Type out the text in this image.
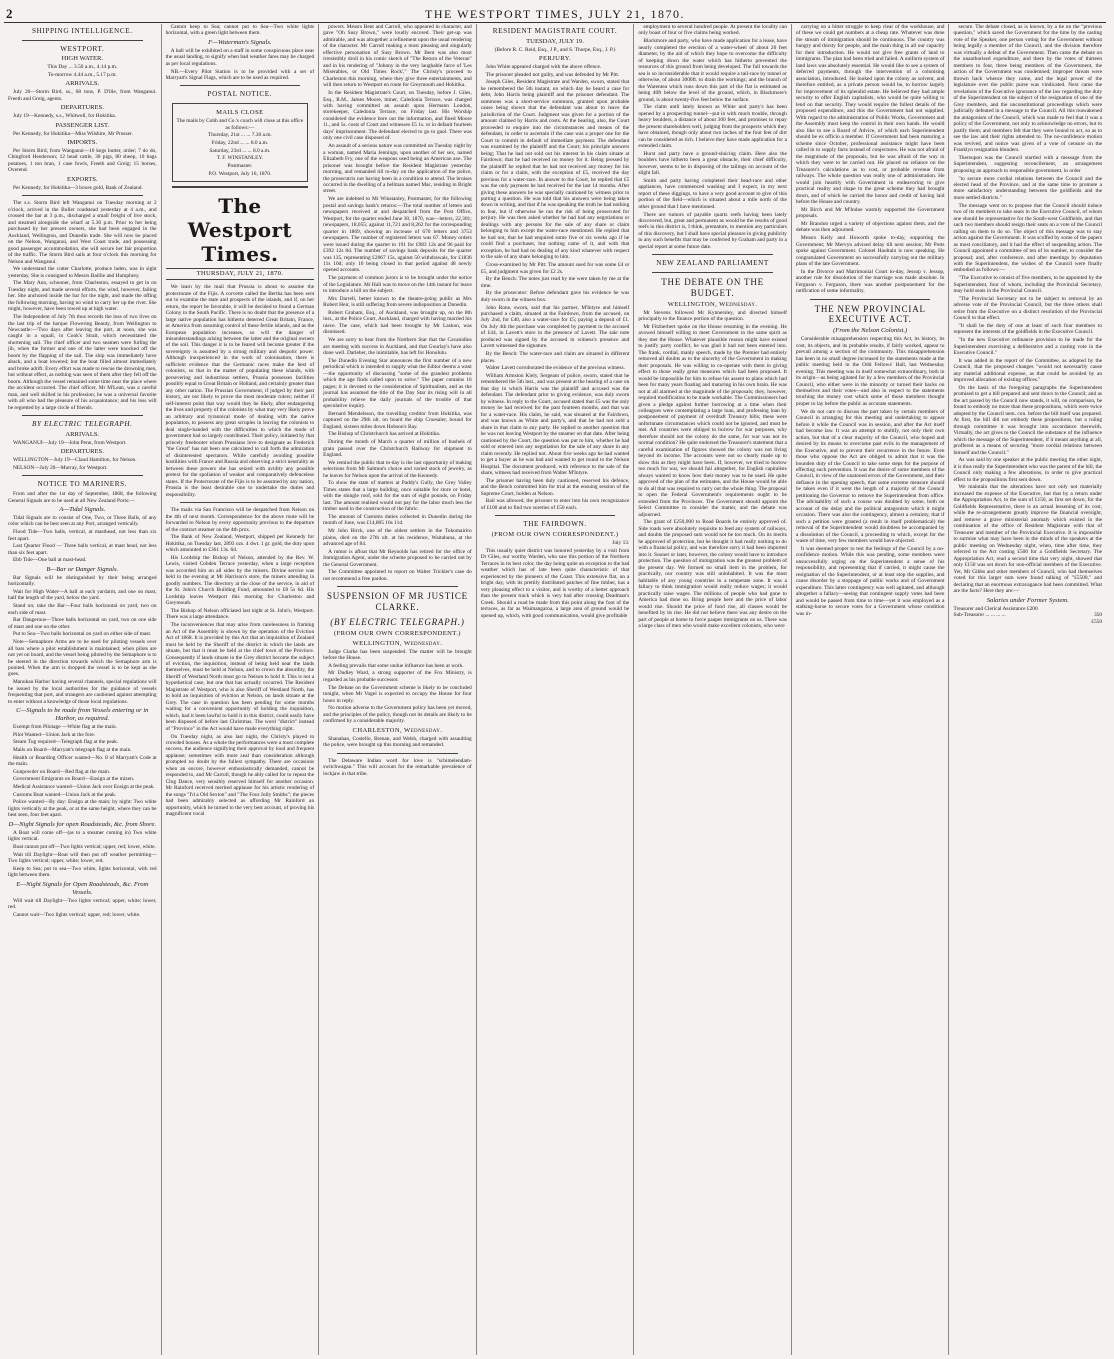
2	THE WESTPORT TIMES, JULY 21, 1870.
SHIPPING INTELLIGENCE.
WESTPORT.
HIGH WATER.

This Day ... 3.50 a.m., 4.14 p.m.

To-morrow 4.44 a.m., 5.17 p.m.

ARRIVALS.

July 20—Storm Bird, ss., 68 tons, P. D'ille, from Wanganui. Freeth and Greig, agents.

DEPARTURES.

July 19—Kennedy, s.s., Whitwell, for Hokitika.

PASSENGER LIST.

Per Kennedy, for Hokitika—Miss Wilshire, Mr Prosser.

IMPORTS.

Per Storm Bird, from Wanganui—10 kegs butter, order; 7 do do, Chingford Henderson; 12 head cattle, 30 pigs, 80 sheep, 10 bags potatoes, 1 ton bran, 1 case fowls, Freeth and Greig; 15 horses, Overend.

EXPORTS.

Per Kennedy, for Hokitika—3 boxes gold, Bank of Zealand.

The s.s. Storm Bird left Wanganui on Tuesday morning at 2 o'clock, arrived in the Buller roadstead yesterday at 4 a.m., and crossed the bar at 3 p.m., discharged a small freight of live stock, and steamed alongside the wharf at 5.30 p.m. Prior to her being purchased by her present owners, she had been engaged in the Auckland, Wellington, and Dunedin trade. She will now be placed on the Nelson, Wanganui, and West Coast trade, and possessing good passenger accommodation, she will secure her fair proportion of the traffic. The Storm Bird sails at four o'clock this morning for Nelson and Wanganui.

We understand the cutter Charlotte, produce laden, was in sight yesterday. She is consigned to Messrs Baillie and Humphrey.

The Mary Ann, schooner, from Charleston, essayed to get in on Tuesday night, and made several efforts, the wind, however, failing her. She anchored inside the bar for the night, and made the offing the following morning, having no wind to carry her up the river. She might, however, have been towed up at high water.

The Independent of July 7th thus records the loss of two lives on the last trip of the barque Flowering Beauty, from Wellington to Newcastle:—'Two days after leaving the port, at noon, she was caught in a squall, in Cook's Strait, which necessitated the shortening sail. The chief officer and two seamen were furling the jib, when the former and one of the latter were knocked off the boom by the flapping of the sail. The ship was immediately hove aback, and a boat lowered; but the boat filled almost immediately and broke adrift. Every effort was made to rescue the drowning men, but without effect, as nothing was seen of them after they fell off the boom. Although the vessel remained some time near the place where the accident occurred. The chief officer, Mr M'Lean, was a careful man, and well skilled in his profession; he was a universal favorite with all who had the pleasure of his acquaintance; and his loss will be regretted by a large circle of friends.

BY ELECTRIC TELEGRAPH.
ARRIVALS.

WANGANUI—July 19—John Penn, from Westport.

DEPARTURES.

WELLINGTON—July 19—Claud Hamilton, for Nelson.

NELSON—July 20—Murray, for Westport.

NOTICE TO MARINERS.

From and after the 1st day of September, 1868, the following General Signals are to be used at all New Zealand Ports:—

A—Tidal Signals.

Tidal Signals are to consist of One, Two, or Three Balls, of any color which can be best seen at any Port, arranged vertically.

Flood Tide—Two balls, vertical, at masthead, not less than six feet apart.

Last Quarter Flood — Three balls vertical, at mast head, not less than six feet apart.

Ebb Tide—One ball at mast-head.

B—Bar or Danger Signals.

Bar Signals will be distinguished by their being arranged horizontally.

Wait for High Water—A ball at each yardarm, and one on mast, half the length of the yard, below the yard.

Stand on; take the Bar—Four balls horizontal on yard, two on each side of mast.

Bar Dangerous—Three balls horizontal on yard, two on one side of mast and one on the other.

Put to Sea—Two balls horizontal on yard on either side of mast.

Note—Semaphore Arms are to be used for piloting vessels over all bars where a pilot establishment is maintained; when pilots are not yet on board, and the vessel being piloted by the Semaphore is to be steered in the direction towards which the Semaphore arm is pointed. When the arm is dropped the vessel is to be kept as she goes.

Manukau Harbor having several channels, special regulations will be issued by the local authorities for the guidance of vessels frequenting that port, and strangers are cautioned against attempting to enter without a knowledge of those local regulations.

C—Signals to be made from Vessels entering or in Harbor, as required.

Exempt from Pilotage —White flag at the main.

Pilot Wanted—Union Jack at the fore.

Steam Tug required—Telegraph flag at the peak.

Mails on Board—Marryatt's telegraph flag at the main.

Health or Boarding Officer wanted—No. 8 of Marryatt's Code at the main.

Gunpowder on Board—Red flag at the main.

Government Emigrants on Board—Ensign at the mizen.

Medical Assistance wanted—Union Jack over Ensign at the peak.

Customs Boat wanted—Union Jack at the peak.

Police wanted—By day: Ensign at the main; by night: Two white lights vertically at the peak, or at the same height, where they can be best seen, four feet apart.

D—Night Signals for open Roadsteads, &c. from Shore.

A Boat will come off—(as to a steamer coming in) Two white lights vertical.

Boat cannot put off—Two lights vertical; upper, red; lower, white.

Wait till Daylight—Boat will then put off weather permitting—Two lights vertical; upper, white; lower, red.

Keep to Sea; put to sea—Two white, lights horizontal, with red light between them.

E—Night Signals for Open Roadsteads, &c. From Vessels.

Will wait till Daylight—Two lights vertical; upper, white; lower, red.

Cannot wait—Two lights vertical; upper, red; lower, white.

Cannot keep to Sea; cannot put to Sea—Two white lights horizontal, with a green light between them.

F—Waterman's Signals.

A ball will be exhibited on a staff in some conspicuous place near the usual landing, to signify when bad weather fares may be charged as per local regulations.

NB.—Every Pilot Station is to be provided with a set of Marryatt's Signal Flags, which are to be used as required.

POSTAL NOTICE.
MAILS CLOSE

The mails by Cobb and Co.'s coach will close at this office as follows:—

Thursday, 21st ... ... 7.30 a.m.

Friday, 22nd ... ... 8.0 a.m.

Saturday, 23rd ... ... 8.0 a.m.

T. F. WINSTANLEY.

Postmaster.

P.O. Westport, July 16, 1870.

The Westport Times.
THURSDAY, JULY 21, 1870.

We learn by the mail that Prussia is about to assume the protectorate of the Fijis. A corvette called the Bertha has been sent out to examine the state and prospects of the islands, and if, on her return, the report be favorable, it will be decided to found a German Colony in the South Pacific. There is no doubt that the presence of a large native population has hitherto deterred Great Britain, France, or America from assuming control of these fertile islands, and as the European population increases, so will the danger of misunderstandings arising between the latter and the original owners of the soil. This danger it is to be feared will become greater if the sovereignty is assumed by a strong military and despotic power. Although inexperienced in the work of colonisation, there is sufficient evidence that the Germanic races make the best of colonists, so that in the matter of populating these islands, with persevering and industrious settlers, Prussia possesses facilities possibly equal to Great Britain or Holland, and certainly greater than any other nation. The Prussian Government, if judged by their past history, are not likely to prove the most moderate rulers; neither if self-interest point that way would they be likely, after endangering the lives and property of the colonists by what may very likely prove an arbitrary and tyrannical mode of dealing with the native population, to possess any great scruples in leaving the colonists to deal single-handed with the difficulties to which the mode of government had so largely contributed. Their policy, initiated by that princely freebooter whom Prussians love to designate as Frederick "the Great" has not been one calculated to call forth the admiration of disinterested spectators. While carefully avoiding possible hostilities with France and Russia and observing a strict neutrality as between these powers she has seized with avidity any possible pretext for the spoliation of weaker and comparatively defenceless states. If the Protectorate of the Fijis is to be assumed by any nation, Prussia is the least desirable one to undertake the duties and responsibility.

The mails via San Francisco will be despatched from Nelson on the 4th of next month. Correspondence for the above route will be forwarded to Nelson by every opportunity previous to the departure of the contract steamer on the 4th prox.

The Bank of New Zealand, Westport, shipped per Kennedy for Hokitika, on Tuesday last, 2893 ozs. 4 dwt. 1 gr. gold, the duty upon which amounted to £361 13s. 6d.

His Lordship the Bishop of Nelson, attended by the Rev. W. Lewis, visited Cobden Terrace yesterday, when a large reception was accorded him on all sides by the miners. Divine service was held in the evening at Mr Harrison's store, the miners attending in goodly numbers. The directory at the close of the service, in aid of the St. John's Church Building Fund, amounted to £8 5s 6d. His Lordship leaves Westport this morning for Charleston and Greymouth.

The Bishop of Nelson officiated last night at St. John's, Westport. There was a large attendance.

The inconveniences that may arise from carelessness in framing an Act of the Assembly is shown by the operation of the Eviction Act of 1868. It is provided by this Act that an inquisition of Zealand must be held by the Sheriff of the district in which the lands are situate, but that it must be held at the chief town of the Province. Consequently if lands situate in the Grey district become the subject of eviction, the inquisition, instead of being held near the lands themselves, must be held at Nelson, and to crown the absurdity, the Sheriff of Westland North must go to Nelson to hold it. This is not a hypothetical case, but one that has actually occurred. The Resident Magistrate of Westport, who is also Sheriff of Westland North, has to hold an inquisition of eviction at Nelson, on lands situate at the Grey. The case in question has been pending for some months waiting for a convenient opportunity of holding the inquisition, which, had it been lawful to hold it in this district, could easily have been disposed of before last Christmas. The word "district" instead of "Province" in the Act would have made everything right.

On Tuesday night, as also last night, the Christy's played to crowded houses. As a whole the performances were a most complete success, the audience signifying their approval by loud and frequent applause; sometimes with more zeal than consideration although prompted no doubt by the fullest sympathy. There are occasions when an encore, however enthusiastically demanded, cannot be responded to, and Mr Carroll, though he ably called for to repeat the Clog Dance, very sensibly reserved himself for another occasion. Mr Rainford received merited applause for his artistic rendering of the songs "I'd a Old Sexton" and "The Four Jolly Smiths"; the pieces had been admirably selected as affording Mr Rainford an opportunity, which he turned to the very best account, of proving his magnificent vocal

powers. Messrs Bent and Carroll, who appeared in character, and gave "Oh Susy Brown," were loudly encored. Their get-up was admirable, and was altogether a refinement upon the usual rendering of the character. Mr Carroll making a most pleasing and singularly effective personation of Susy Brown. Mr Bent was also most irresistibly droll in his comic sketch of "The Return of the Veteran" and in his rendering of "Johnny in the very laughable farce of 'Les Miserables, or Old Times Rock'," The Christy's proceed to Charleston this morning, where they give three entertainments, and will then return to Westport en route for Greymouth and Hokitika.

In the Resident Magistrate's Court, on Tuesday, before J. Giles, Esq., R.M., James Moore, miner, Caledonia Terrace, was charged with having committed an assault upon Hermann London, storekeeper, Caledonia Terrace, on Friday last. His Worship considered the evidence bore out the information, and fined Moore 1l., and 5s. costs of Court and witnesses £5 1s. or in default fourteen days' imprisonment. The defendant elected to go to gaol. There was only one civil case disposed of.

An assault of a serious nature was committed on Tuesday night by a woman, named Maria Jennings, upon another of her sex, named Elizabeth Fry, one of the weapons used being an American axe. The prisoner was brought before the Resident Magistrate yesterday morning, and remanded till to-day on the application of the police, the prosecutrix not having been in a condition to attend. The bruises occurred in the dwelling of a bellman named Mac, residing in Bright street.

We are indebted to Mr Winstanley, Postmaster, for the following postal and savings bank's returns:—The total number of letters and newspapers received at and despatched from the Post Office, Westport, for the quarter ended June 30, 1870, was—letters, 22,301; newspapers, 18,055; against 11,721 and 8,262 for the corresponding quarter in 1869, showing an increase of 670 letters and 3753 newspapers. The number of registered letters was 67. Money orders were issued during the quarter to 191 for £983 12s and 96 paid for £392 12s 8d. The number of savings bank deposits for the quarter was 135, representing £2067 15s, against 50 withdrawals, for £1836 11s 10d; only 10 being closed in that period against 48 newly opened accounts.

The payment of common jurors is to be brought under the notice of the Legislature. Mr Hall was to move on the 14th instant for leave to introduce a bill on the subject.

Mrs Darrell, better known to the theatre-going public as Mrs Robert Heir, is still suffering from severe indisposition at Dunedin.

Robert Graham, Esq., of Auckland, was brought up, on the 8th inst., at the Police Court, Auckland, charged with having married his niece. The case, which had been brought by Mr Laskon, was dismissed.

We are sorry to hear from the Northern Star that the Cavanidins are meeting with success in Auckland, and that Gourlay's have also done well. Darleher, the inimitable, has left for Honolulu.

The Dunedin Evening Star announces the first number of a new periodical which is intended to supply what the Editor deems a want—the opportunity of discussing "some of the grandest problems which the age finds called upon to solve." The paper contains 16 pages; it is devoted to the consideration of Spiritualism, and as the journal has assumed the title of the Day Star its rising will in all probability relieve the daily journals of the trouble of that speculative inquiry.

Bernard Mendelsson, the travelling creditor from Hokitika, was captured on the 29th ult. on board the ship Cruesaler, bound for England, sixteen miles down Hobson's Bay.

The Bishop of Christchurch has arrived at Hokitika.

During the month of March a quarter of million of bushels of grain passed over the Christchurch Railway for shipment to England.

We remind the public that to-day is the last opportunity of making selections from Mr Salmon's choice and varied stock of jewelry, as he leaves for Nelson upon the arrival of the Kennedy.

To show the state of matters at Paddy's Gully, the Grey Valley Times states that a large building, once suitable for store or hotel, with the shingle roof, sold for the sum of eight pounds, on Friday last. The amount realised would not pay for the labor much less the timber used in the construction of the fabric.

The amount of Customs duties collected in Dunedin during the month of June, was £14,805 16s 11d.

Mr John Birck, one of the oldest settlers in the Tokomairiro plains, died on the 27th ult. at his residence, Waitahuna, at the advanced age of 84.

A rumor is afloat that Mr Reynolds has retired for the office of Immigration Agent, under the scheme proposed to be carried out by the General Government.

The Committee appointed to report on Walter Trickler's case do not recommend a free pardon.

SUSPENSION OF MR JUSTICE CLARKE.
(BY ELECTRIC TELEGRAPH.)
(FROM OUR OWN CORRESPONDENT.)
WELLINGTON, Wednesday.

Judge Clarke has been suspended. The matter will be brought before the House.

A feeling prevails that some undue influence has been at work.

Mr Dudley Ward, a strong supporter of the Fox Ministry, is regarded as his probable successor.

The Debate on the Government scheme is likely to be concluded tonight, when Mr Vogel is expected to occupy the House for four hours in reply.

No motion adverse to the Government policy has been yet moved, and the principles of the policy, though not its details are likely to be confirmed by a considerable majority.

CHARLESTON, Wednesday.

Shanahan, Costello, Brenan, and Welsh, charged with assaulting the police, were brought up this morning and remanded.

The Delaware Indian word for love is "schimelendam-switchwagan." This will account for the remarkable prevalence of lockjaw in that tribe.

RESIDENT MAGISTRATE COURT.
TUESDAY, JULY 19.

(Before R. C. Reid, Esq., J P., and S. Thorpe, Esq., J. P.)

PERJURY.

John White appeared charged with the above offence.

The prisoner pleaded not guilty, and was defended by Mr Pitt.

Joseph Giles, Resident Magistrate and Warden, sworn, stated that he remembered the 5th instant, on which day he heard a case for debt, John Harris being plaintiff and the prisoner defendant. The summons was a short-service summons, granted upon probable cause being shown that the defendant was about to leave the jurisdiction of the Court. Judgment was given for a portion of the amount claimed by Harris and costs. At the hearing, also, the Court proceeded to enquire into the circumstances and means of the defendant, in order to ascertain if the case was a proper one for the Court to commit in default of immediate payment. The defendant was examined by the plaintiff and the Court; his principle answers being; That he had not sold out his interest in his claim situate at Fairdown; that he had received no money for it. Being pressed by the plaintiff he replied that he had not received any money for his claim or for a claim, with the exception of £5, received the day previous for a water-race. In answer to the Court, he replied that £5 was the only payment he had received for the last 14 months. After giving these answers he was specially cautioned by witness prior to putting a question. He was told that his answers were being taken down in writing, and that if he was speaking the truth he had nothing to fear, but if otherwise he ran the risk of being prosecuted for perjury. He was then asked whether he had had any negotiations or dealings with any persons for the sale of any share or claim belonging to him except the water-race mentioned. He replied that he had not, that he had enquired some five or six weeks ago if he could find a purchaser, but nothing came of it, and with that exception, he had had no dealing of any kind whatever with respect to the sale of any share belonging to him.

Cross-examined by Mr Pitt: The amount sued for was some £4 or £5, and judgment was given for £2 2s.

By the Bench: The notes just read by me were taken by me at the time.

By the prosecutor: Before defendant gave his evidence he was duly sworn in the witness box.

John Rone, sworn, said that his partner, M'Intyre and himself purchased a claim, situated at the Fairdown, from the accused, on July 2nd, for £40, also a water-race for £5; paying a deposit of £1. On July 4th the purchase was completed by payment to the accused of £44, in Lavett's store in the presence of Lavett. The sale note produced was signed by the accused in witness's presence and Lavett witnessed the signature.

By the Bench: The water-race and claim are situated in different places.

Walter Lavett corroborated the evidence of the previous witness.

William Armston Kiely, Sergeant of police, sworn, stated that he remembered the 5th inst., and was present at the hearing of a case on that day in which Harris was the plaintiff and accused was the defendant. The defendant prior to giving evidence, was duly sworn by witness. In reply to the Court, accused stated that £5 was the only money he had received for the past fourteen months, and that was for a water-race. His claim, he said, was situated at the Fairdown, and was known as White and party's, and that he had not sold a share in that claim to any party. He replied to another question that he was not leaving Westport by the steamer on that date. After being cautioned by the Court, the question was put to him, whether he had sold or entered into any negotiation for the sale of any share in any claim recently. He replied not. About five weeks ago he had wanted to get a buyer as he was bad and wanted to get round to the Nelson Hospital. The document produced, with reference to the sale of the share, witness had received from Walter M'Intyre.

The prisoner having been duly cautioned, reserved his defence, and the Bench committed him for trial at the ensuing session of the Supreme Court, holden at Nelson.

Bail was allowed, the prisoner to enter into his own recognizance of £100 and to find two sureties of £50 each.

THE FAIRDOWN.
(FROM OUR OWN CORRESPONDENT.)

July 13.

This usually quiet district was honored yesterday by a visit from Dr Giles, our worthy Warden, who saw this portion of the Northern Terraces in its best color, the day being quite an exception to the bad weather which has of late been quite characteristic of that experienced by the pioneers of the Coast. This extensive flat, on a bright day, with its prettily distributed patches of fine timber, has a very pleasing effect to a visitor, and is worthy of a better approach than the present track which is very bad after crossing Deadman's Creek. Should a road be made from this point along the foot of the terraces, as far as Waimangaroa, a large area of ground would be opened up, which, with good communication, would give profitable

employment to several hundred people. At present the locality can only boast of four or five claims being worked.

Blackmore and party, who have made application for a lease, have nearly completed the erection of a water-wheel of about 20 feet diameter, by the aid of which they hope to overcome the difficulty of keeping down the water which has hitherto prevented the resources of this ground from being developed. The full towards the sea is so inconsiderable that it would require a tail-race by tunnel or otherwise, of about 3000ft. to drain the workings; and the branch of the Warentea which runs down this part of the flat is estimated as being 40ft below the level of the ground, which, in Blackmore's ground, is about twenty-five feet below the surface.

The claim until lately known as White and party's has been opened by a prospecting tunnel—put in with much trouble, through heavy boulders, a distance of about 300 feet, and promises to repay the present shareholders well, judging from the prospects which they have obtained, though only about two inches of the four feet of dirt can be considered as rich. I believe they have made application for a extended claim.

Hurst and party have a ground-sluicing claim. Here also the boulders have hitherto been a great obstacle, their chief difficulty, however, seems to be in disposing of the tailings on account of the slight fall.

Smith and party having completed their head-race and other appliances, have commenced washing and I expect, in my next report of these diggings, to have a very good account to give of this portion of the field—which is situated about a mile north of the other ground that I have mentioned.

There are rumors of payable quartz reefs having been lately discovered, but, great and permanent as would be the results of good reefs in this district is, I think, premature, to mention any particulars of this discovery, but I shall have special pleasure in giving publicity to any such benefits that may be conferred by Graham and party in a special report at some future date.

NEW ZEALAND PARLIAMENT
THE DEBATE ON THE BUDGET.
WELLINGTON, Wednesday.

Mr Stevens followed Mr Kynnersley, and directed himself principally to the finance portion of the question.

Mr Fitzherbert spoke on the House resuming in the evening. He avowed himself willing to meet Government in the same spirit as they met the House. Whatever plausible reason might have existed to justify party conflict, he was glad it had not been entered into. The frank, cordial, manly speech, made by the Premier had entirely removed all doubts as to the sincerity of the Government in making their proposals. He was willing to co-operate with them in giving effect to those really great measures which had been proposed. It would be impossible for him to refuse his assent to plans which had been for many years floating and maturing in his own brain. He was not at all alarmed at the magnitude of the proposals; they, however, required modification to be made workable. The Commissioners had given a pledge against further borrowing at a time when their colleagues were contemplating a large loan, and professing loan by postponement of payment of overdraft Treasury bills; these were unfortunate circumstances which could not be ignored, and must be met. All countries were obliged to borrow for war purposes, why therefore should not the colony do the same, for war was not its normal condition? He quite endorsed the Treasurer's statement that a careful examination of figures showed the colony was not living beyond its income. The accounts were not so clearly made up to show this as they might have been. If, however, we tried to borrow too much for war, we should fail altogether, for English capitalists always wanted to know how their money was to be used. He quite approved of the plan of the estimates, and the House would be able to do all that was required to carry out the whole thing. The proposal to open the Federal Government's requirements ought to be extended from the Provinces. The Government should appoint the Select Committee to consider the matter, and the debate was adjourned.

The grant of £250,000 to Road Boards be entirely approved of. Side roads were absolutely requisite to feed any system of railways, and doubts the proposed sum would not be too much. On its merits he approved of protection, but he thought it had really nothing to do with a financial policy, and was therefore sorry it had been imported into it. Sooner or later, however, the colony would have to introduce protection. The question of immigration was the greatest problem of the present day. We formed no small item in the problem, for practically, our country was still uninhabited. It was the most habitable of any young countries in a temperate zone. It was a fallacy to think immigration would really reduce wages; it would practically raise wages. The millions of people who had gone to America had done so. Bring people here and the price of labor would rise. Should the price of food rise, all classes would be benefited by its rise. He did not believe there was any desire on the part of people at home to force pauper immigrants on us. There was a large class of men who would make excellent colonists, who were

carrying on a bitter struggle to keep clear of the workhouse, and of these we could get numbers at a cheap rate. Whatever was done the stream of immigration should be continuous. The country was hungry and thirsty for people, and the main thing in all our capacity for their introduction. He would not give free grants of land to immigrants. The plan had been tried and failed. A uniform system of land laws was absolutely essential. He would like to see a system of deferred payments, through the intervention of a colonising association, introduced. He looked upon the colony as solvent, and therefore entitled, as a private person would be, to borrow largely for improvement of its splendid estate. He believed they had ample security to offer English capitalists, who would be quite willing to lend on that security. They would require the fullest details of the proposed expenditure, and this the Government had not supplied. With regard to the administration of Public Works, Government and the Assembly must keep the control in their own hands. He would also like to see a Board of Advice, of which each Superintendent should be ex officio a member. If Government had been maturing a scheme since October, professional assistance might have been called in to supply facts instead of conjectures. He was not afraid of the magnitude of the proposals, but he was afraid of the way in which they were to be carried out. He placed no reliance on the Treasurer's calculations as to cost, or probable revenue from railways. The whole question was really one of administration. He would join heartily with Government in endeavoring to give practical reality and shape to the great scheme they had brought down, and of which he carried the honor and credit of having laid before the House and country.

Mr Birch and Mr M'Indoe warmly supported the Government proposals.

Mr Brandon urged a variety of objections against them, and the debate was then adjourned.

Messrs Kelly and Howorth spoke to-day, supporting the Government; Mr Mervyn advised delay till next session; Mr Potts spoke against Government. Colonel Haultain is now speaking. He congratulated Government on successfully carrying out the military plans of the late Government.

In the Divorce and Matrimonial Court to-day, Jessop v. Jessop, another rule for dissolution of the marriage was made absolute. In Ferguson v. Ferguson, there was another postponement for the ratification of some informality.

THE NEW PROVINCIAL EXECUTIVE ACT.
(From the Nelson Colonist.)

Considerable misapprehension respecting this Act, its history, its cost, its objects, and its probable results, if fairly worked, appear to prevail among a section of the community. This misapprehension has been in no small degree increased by the statements made at the public meeting held in the Odd Fellows' Hall, last Wednesday evening. This meeting was in itself somewhat extraordinary, both in its origin—as being agitated for by a few members of the Provincial Council, who either were in the minority or turned their backs on themselves and their votes—and also in respect to the statements touching the money cost which some of those members thought proper to lay before the public as accurate statements.

We do not care to discuss the part taken by certain members of Council in arranging for this meeting and undertaking to appear before it while the Council was in session, and after the Act itself had become law. It was an attempt to stultify, not only their own action, but that of a clear majority of the Council, who hoped and desired by its means to overcome past evils in the management of the Executive, and to prevent their recurrence in the future. Even those who oppose the Act are obliged to admit that it was the bounden duty of the Council to take some steps for the purpose of effecting such prevention. It was the desire of some members of the Council, in view of the unatoned errors of the Government, and their defiance in the opening speech, that some extreme measure should be taken even if it went the length of a majority of the Council petitioning the Governor to remove the Superintendent from office. The advisability of such a course was doubted by some, both on account of the delay and the political antagonism which it might occasion. There was also the contingency, almost a certainty, that if such a petition were granted (a result in itself problematical) the removal of the Superintendent would doubtless be accompanied by a dissolution of the Council, a proceeding to which, except for the waste of time, very few members would have objected.

It was deemed proper to test the feelings of the Council by a no-confidence motion. While this was pending, some members were unsuccessfully urging on the Superintendent a sense of his responsibility, and representing that if carried, it might cause the resignation of the Superintendent, or at least stop the supplies, and cause disorder by a stoppage of public works and of Government expenditure. This latter contingency was well agitated, and although altogether a fallacy—seeing that contingent supply votes had been and would be passed from time to time—yet it was employed as a stalking-horse to secure votes for a Government whose condition was in-

secure. The debate closed, as is known, by a tie on the "previous question," which saved the Government for the time by the casting vote of the Speaker, one person voting for the Government without being legally a member of the Council, and the division therefore was virtually a defeat of the Government. Then came the debate on the unauthorised expenditure, and there by the votes of thirteen members to four, three being members of the Government, the action of the Government was condemned; improper threats were thrown back whence they came, and the legal power of the legislature over the public purse was vindicated. Next came the revelations of the Executive ignorance of the law regarding the duty of the Superintendent on the subject of the resignation of one of the Grey members, and the unconstitutional proceedings which were judicially defeated in a message to the Council. All this reawakened the antagonism of the Council, which was made to feel that it was a policy of the Government, not only to acknowledge no errors, but to justify them; and members felt that they were bound to act, so as to see the law and their rights attended to. The no-confidence motion was revived, and notice was given of a vote of censure on the Franklyn resignation blunders.

Thereupon was the Council startled with a message from the Superintendent, suggesting reconcilement, an arrangement proposing an approach to responsible government, in order

"to secure more cordial relations between the Council and the elected head of the Province, and at the same time to promote a more satisfactory understanding between the goldfields and the more settled districts."

The message went on to propose that the Council should induce two of its members to take seats in the Executive Council, of whom one should be representative for the South-west Goldfields, and that such two members should resign their seats on a vote of the Council calling on them to do so. The object of this message was to stay action against the Government. It was scoffed by some of the papers as most conciliatory, and it had the effect of suspending action. The Council appointed a committee of ten of its number, to consider the proposal; and, after conference, and after meetings by deputation with the Superintendent, the wishes of the Council were finally embodied as follows:—

"The Executive to consist of five members, to be appointed by the Superintendent, four of whom, including the Provincial Secretary, may hold seats in the Provincial Council.

"The Provincial Secretary not to be subject to removal by an adverse vote of the Provincial Council, but the three others shall retire from the Executive on a distinct resolution of the Provincial Council to that effect.

"It shall be the duty of one at least of such four members to represent the interests of the goldfields in the Executive Council.

"In the new Executive ordinance provision to be made for the Superintendent exercising a deliberative and a casting vote in the Executive Council."

It was added in the report of the Committee, as adopted by the Council, that the proposed changes "would not necessarily cause any material additional expense, as that could be avoided by an improved allocation of existing offices."

On the basis of the foregoing paragraphs the Superintendent promised to get a bill prepared and sent down to the Council; and as the act passed by the Council now stands, it will, on comparison, be found to embody no more than these propositions, which were twice adopted by the Council nem. con. before the bill itself was prepared. At first, the bill did not embody these propositions, but a ruling through committee it was brought into accordance therewith. Virtually, the act gives to the Council the substance of the influence which the message of the Superintendent, if it meant anything at all, proffered as a means of securing "more cordial relations between himself and the Council."

As was said by one speaker at the public meeting the other night, it is thus really the Superintendent who was the parent of the bill, the Council only making a few alterations, in order to give practical effect to the propositions first sent down.

We maintain that the alterations have not only not materially increased the expense of the Executive, but that by a return under the Appropriation Act, to the sum of £150, as first set down, for the Goldfields Representative, there is an actual lessening of its cost, while the re-arrangements greatly improve the financial oversight, and remove a grave ministerial anomaly which existed in the combination of the office of Resident Magistrate with that of Treasurer and member of the Provincial Executive. It is impossible to surmise what may have been in the minds of the speakers at the public meeting on Wednesday night, when, time after time, they referred to the Act costing £500 for a Goldfields Secretary. The Appropriation Act, read a second time that very night, showed that only £150 was set down for non-official members of the Executive. Yet, Mr Gibbs and other members of Council, who had themselves voted for this larger sum were found talking of "£5500," and declaring that an enormous extravagance had been committed. What are the facts? Here they are:—

Salaries under Former System.
Treasurer and Clerical Assistance £200
Sub-Treasurer ... ... ... ...	350
£550
